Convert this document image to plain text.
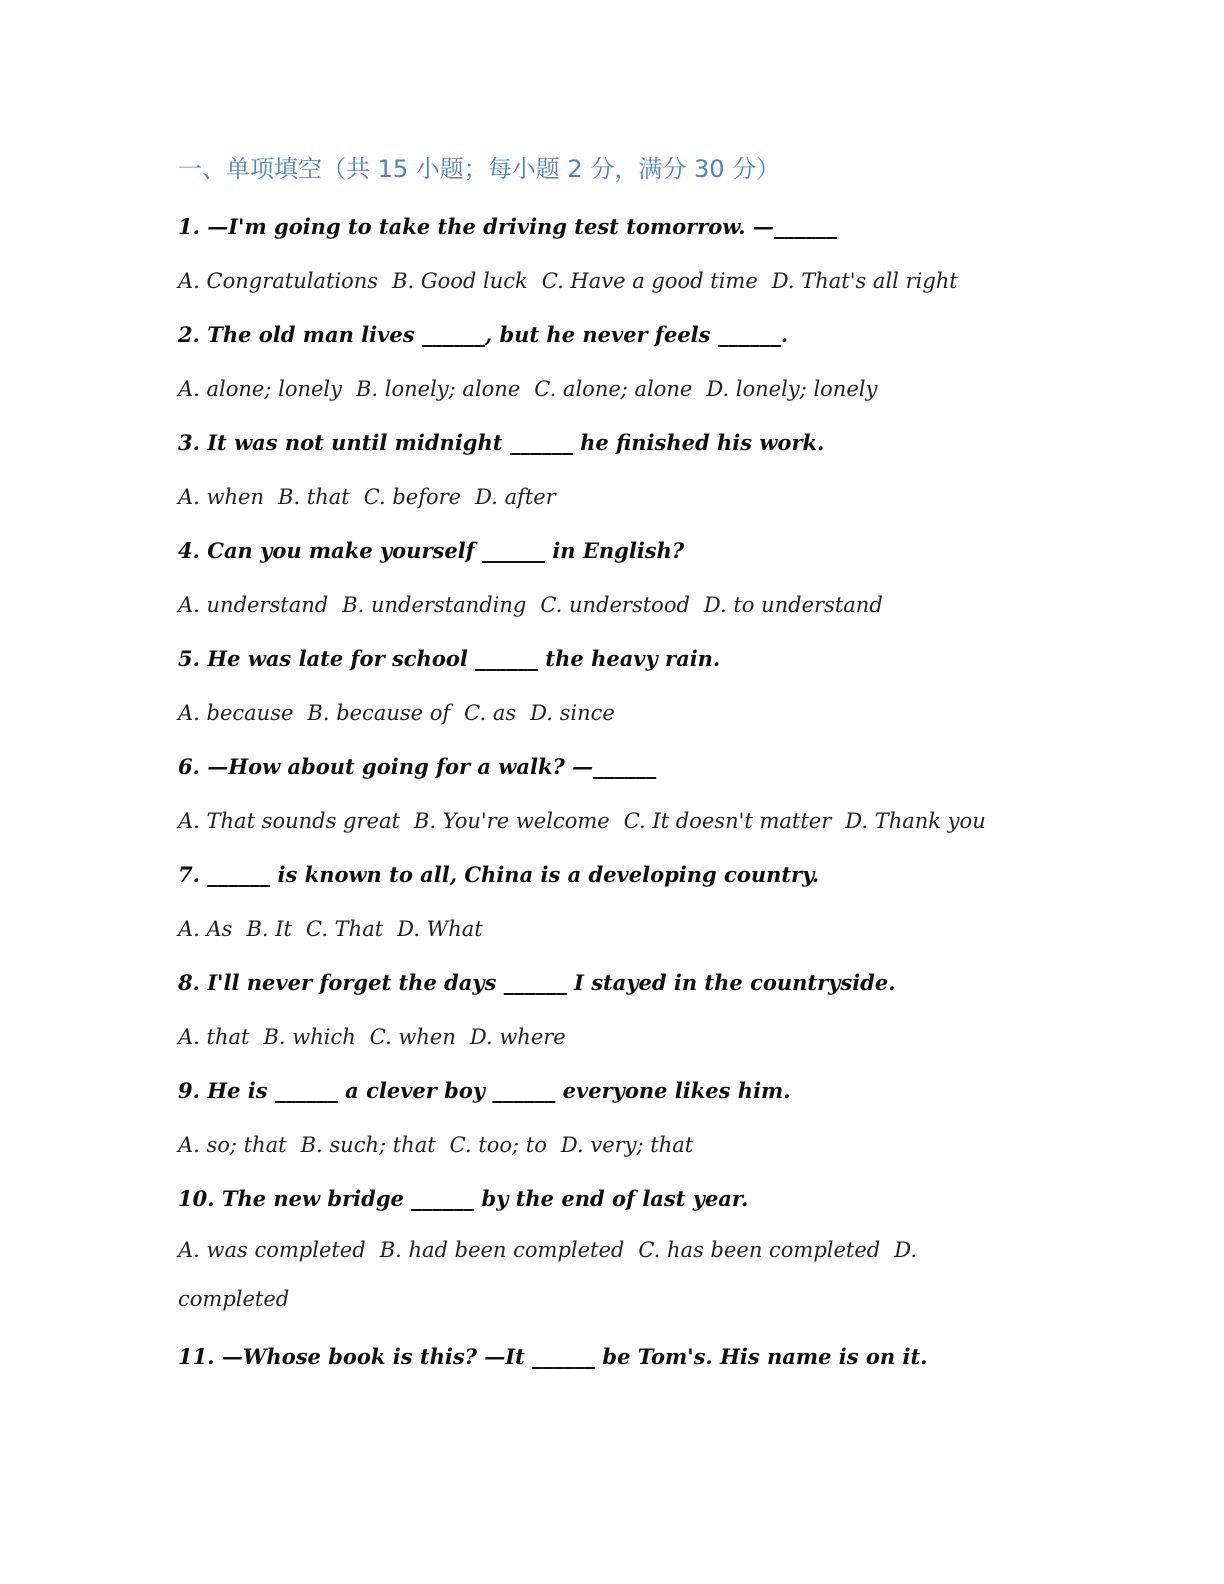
一、单项填空（共 15 小题；每小题 2 分，满分 30 分）
1. —I'm going to take the driving test tomorrow. —______
A. Congratulations B. Good luck C. Have a good time D. That's all right
2. The old man lives ______, but he never feels ______.
A. alone; lonely B. lonely; alone C. alone; alone D. lonely; lonely
3. It was not until midnight ______ he finished his work.
A. when B. that C. before D. after
4. Can you make yourself ______ in English?
A. understand B. understanding C. understood D. to understand
5. He was late for school ______ the heavy rain.
A. because B. because of C. as D. since
6. —How about going for a walk? —______
A. That sounds great B. You're welcome C. It doesn't matter D. Thank you
7. ______ is known to all, China is a developing country.
A. As B. It C. That D. What
8. I'll never forget the days ______ I stayed in the countryside.
A. that B. which C. when D. where
9. He is ______ a clever boy ______ everyone likes him.
A. so; that B. such; that C. too; to D. very; that
10. The new bridge ______ by the end of last year.
A. was completed B. had been completed C. has been completed D. completed
11. —Whose book is this? —It ______ be Tom's. His name is on it.
